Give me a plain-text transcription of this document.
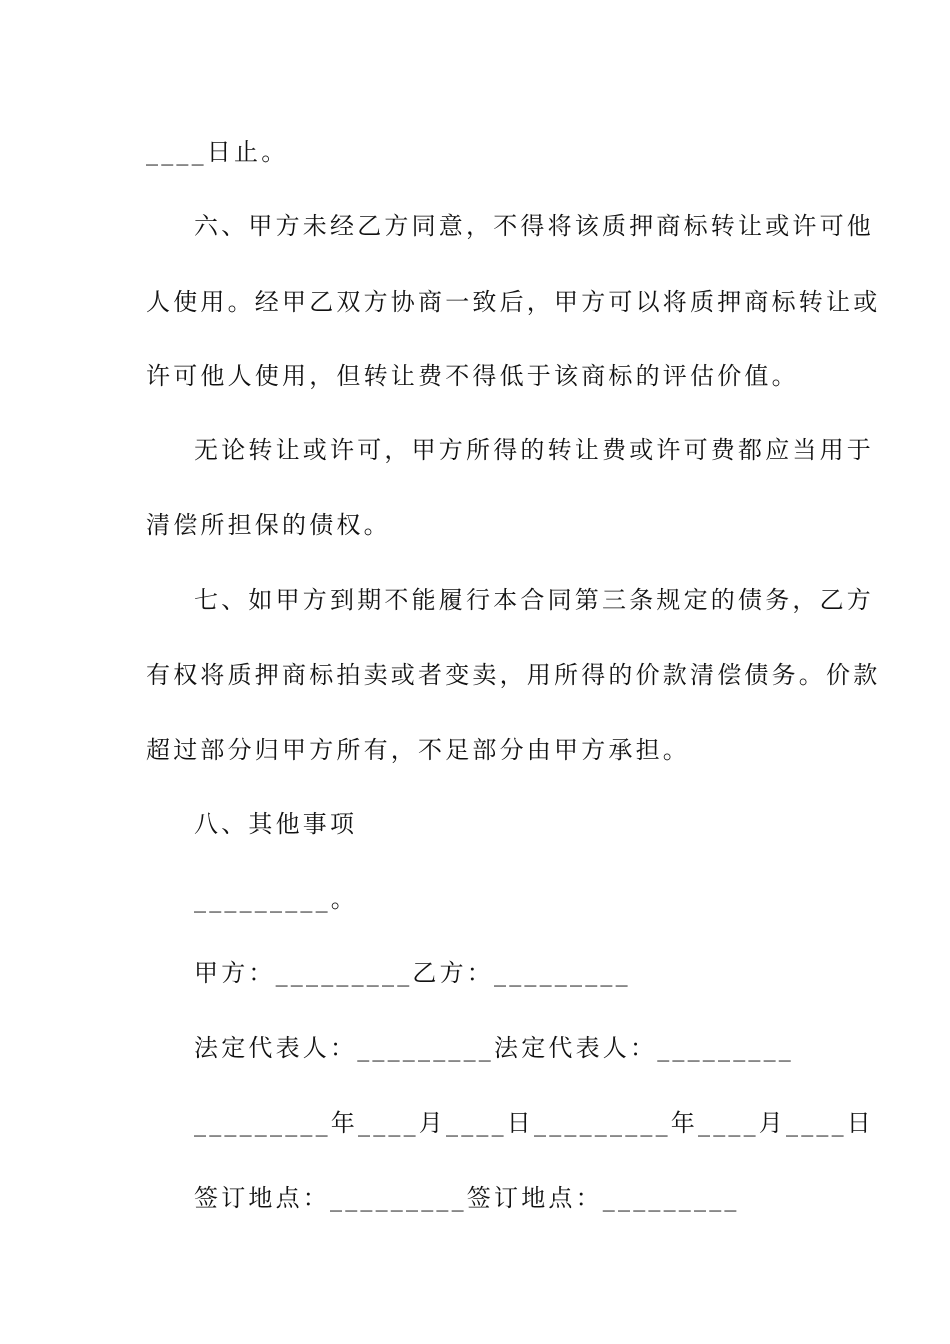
____日止。

六、甲方未经乙方同意，不得将该质押商标转让或许可他

人使用。经甲乙双方协商一致后，甲方可以将质押商标转让或

许可他人使用，但转让费不得低于该商标的评估价值。

无论转让或许可，甲方所得的转让费或许可费都应当用于

清偿所担保的债权。

七、如甲方到期不能履行本合同第三条规定的债务，乙方

有权将质押商标拍卖或者变卖，用所得的价款清偿债务。价款

超过部分归甲方所有，不足部分由甲方承担。

八、其他事项

_________。

甲方：_________乙方：_________

法定代表人：_________法定代表人：_________

_________年____月____日_________年____月____日

签订地点：_________签订地点：_________
